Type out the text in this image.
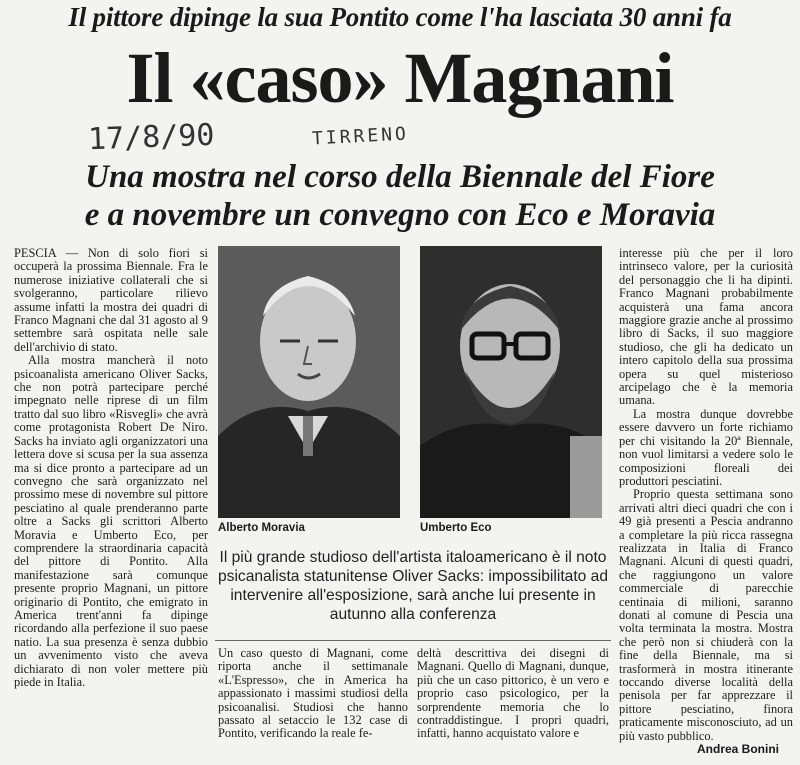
Il pittore dipinge la sua Pontito come l'ha lasciata 30 anni fa
Il «caso» Magnani
17/8/90	TIRRENO
Una mostra nel corso della Biennale del Fiore
e a novembre un convegno con Eco e Moravia

PESCIA — Non di solo fiori si occuperà la prossima Biennale. Fra le numerose iniziative collaterali che si svolgeranno, particolare rilievo assume infatti la mostra dei quadri di Franco Magnani che dal 31 agosto al 9 settembre sarà ospitata nelle sale dell'archivio di stato.

Alla mostra mancherà il noto psicoanalista americano Oliver Sacks, che non potrà partecipare perché impegnato nelle riprese di un film tratto dal suo libro «Risvegli» che avrà come protagonista Robert De Niro. Sacks ha inviato agli organizzatori una lettera dove si scusa per la sua assenza ma si dice pronto a partecipare ad un convegno che sarà organizzato nel prossimo mese di novembre sul pittore pesciatino al quale prenderanno parte oltre a Sacks gli scrittori Alberto Moravia e Umberto Eco, per comprendere la straordinaria capacità del pittore di Pontito. Alla manifestazione sarà comunque presente proprio Magnani, un pittore originario di Pontito, che emigrato in America trent'anni fa dipinge ricordando alla perfezione il suo paese natio. La sua presenza è senza dubbio un avvenimento visto che aveva dichiarato di non voler mettere più piede in Italia.

Alberto Moravia	Umberto Eco
Il più grande studioso dell'artista italoamericano è il noto psicanalista statunitense Oliver Sacks: impossibilitato ad intervenire all'esposizione, sarà anche lui presente in autunno alla conferenza

Un caso questo di Magnani, come riporta anche il settimanale «L'Espresso», che in America ha appassionato i massimi studiosi della psicoanalisi. Studiosi che hanno passato al setaccio le 132 case di Pontito, verificando la reale fe-

deltà descrittiva dei disegni di Magnani. Quello di Magnani, dunque, più che un caso pittorico, è un vero e proprio caso psicologico, per la sorprendente memoria che lo contraddistingue. I propri quadri, infatti, hanno acquistato valore e

interesse più che per il loro intrinseco valore, per la curiosità del personaggio che li ha dipinti. Franco Magnani probabilmente acquisterà una fama ancora maggiore grazie anche al prossimo libro di Sacks, il suo maggiore studioso, che gli ha dedicato un intero capitolo della sua prossima opera su quel misterioso arcipelago che è la memoria umana.

La mostra dunque dovrebbe essere davvero un forte richiamo per chi visitando la 20ª Biennale, non vuol limitarsi a vedere solo le composizioni floreali dei produttori pesciatini.

Proprio questa settimana sono arrivati altri dieci quadri che con i 49 già presenti a Pescia andranno a completare la più ricca rassegna realizzata in Italia di Franco Magnani. Alcuni di questi quadri, che raggiungono un valore commerciale di parecchie centinaia di milioni, saranno donati al comune di Pescia una volta terminata la mostra. Mostra che però non si chiuderà con la fine della Biennale, ma si trasformerà in mostra itinerante toccando diverse località della penisola per far apprezzare il pittore pesciatino, finora praticamente misconosciuto, ad un più vasto pubblico.

Andrea Bonini
